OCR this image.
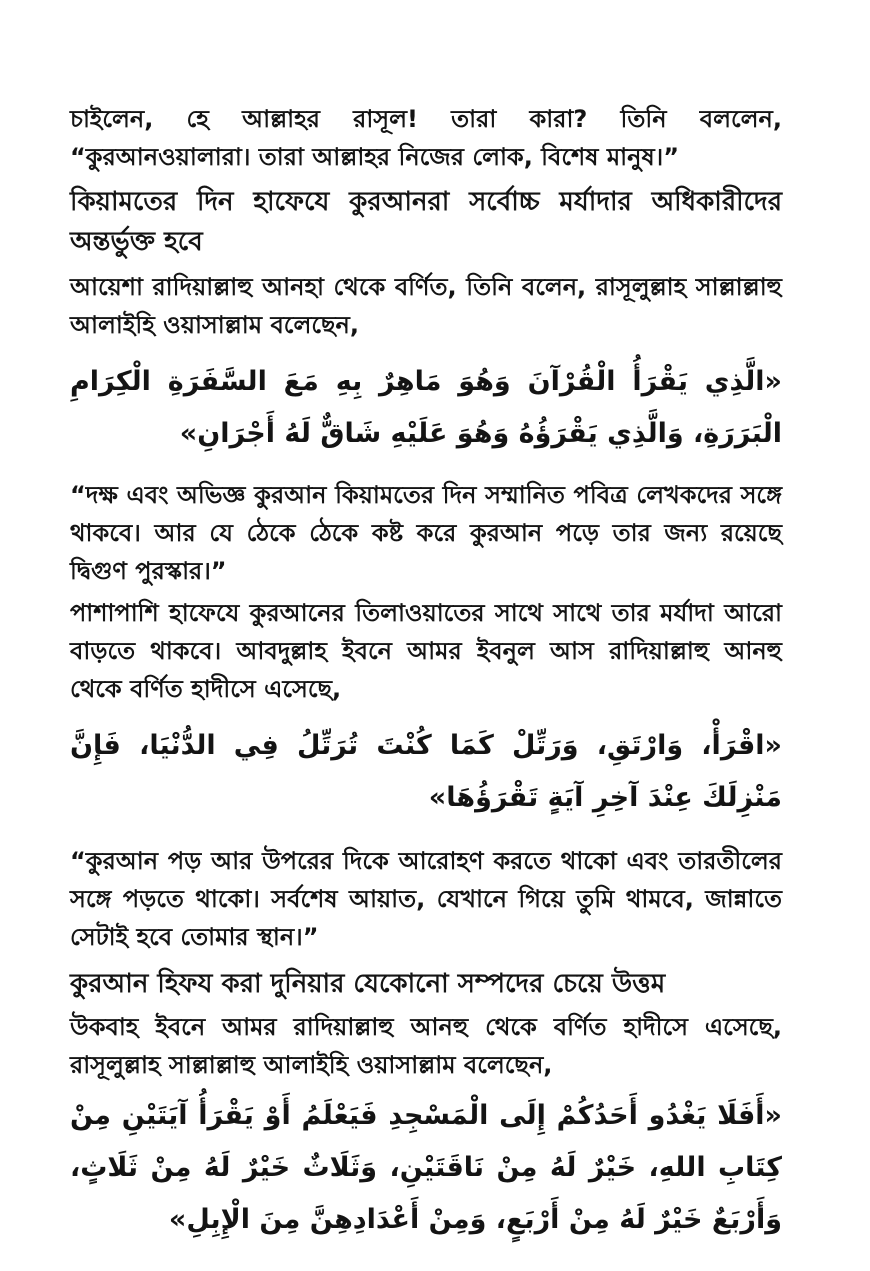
চাইলেন, হে আল্লাহর রাসূল! তারা কারা? তিনি বললেন, “কুরআনওয়ালারা। তারা আল্লাহর নিজের লোক, বিশেষ মানুষ।”

কিয়ামতের দিন হাফেযে কুরআনরা সর্বোচ্চ মর্যাদার অধিকারীদের অন্তর্ভুক্ত হবে

আয়েশা রাদিয়াল্লাহু আনহা থেকে বর্ণিত, তিনি বলেন, রাসূলুল্লাহ সাল্লাল্লাহু আলাইহি ওয়াসাল্লাম বলেছেন,

«الَّذِي يَقْرَأُ الْقُرْآنَ وَهُوَ مَاهِرٌ بِهِ مَعَ السَّفَرَةِ الْكِرَامِ الْبَرَرَةِ، وَالَّذِي يَقْرَؤُهُ وَهُوَ عَلَيْهِ شَاقٌّ لَهُ أَجْرَانِ»

“দক্ষ এবং অভিজ্ঞ কুরআন কিয়ামতের দিন সম্মানিত পবিত্র লেখকদের সঙ্গে থাকবে। আর যে ঠেকে ঠেকে কষ্ট করে কুরআন পড়ে তার জন্য রয়েছে দ্বিগুণ পুরস্কার।”

পাশাপাশি হাফেযে কুরআনের তিলাওয়াতের সাথে সাথে তার মর্যাদা আরো বাড়তে থাকবে। আবদুল্লাহ ইবনে আমর ইবনুল আস রাদিয়াল্লাহু আনহু থেকে বর্ণিত হাদীসে এসেছে,

«اقْرَأْ، وَارْتَقِ، وَرَتِّلْ كَمَا كُنْتَ تُرَتِّلُ فِي الدُّنْيَا، فَإِنَّ مَنْزِلَكَ عِنْدَ آخِرِ آيَةٍ تَقْرَؤُهَا»

“কুরআন পড় আর উপরের দিকে আরোহণ করতে থাকো এবং তারতীলের সঙ্গে পড়তে থাকো। সর্বশেষ আয়াত, যেখানে গিয়ে তুমি থামবে, জান্নাতে সেটাই হবে তোমার স্থান।”

কুরআন হিফয করা দুনিয়ার যেকোনো সম্পদের চেয়ে উত্তম

উকবাহ ইবনে আমর রাদিয়াল্লাহু আনহু থেকে বর্ণিত হাদীসে এসেছে, রাসূলুল্লাহ সাল্লাল্লাহু আলাইহি ওয়াসাল্লাম বলেছেন,

«أَفَلَا يَغْدُو أَحَدُكُمْ إِلَى الْمَسْجِدِ فَيَعْلَمُ أَوْ يَقْرَأُ آيَتَيْنِ مِنْ كِتَابِ اللهِ، خَيْرٌ لَهُ مِنْ نَاقَتَيْنِ، وَثَلَاثٌ خَيْرٌ لَهُ مِنْ ثَلَاثٍ، وَأَرْبَعٌ خَيْرٌ لَهُ مِنْ أَرْبَعٍ، وَمِنْ أَعْدَادِهِنَّ مِنَ الْإِبِلِ»
